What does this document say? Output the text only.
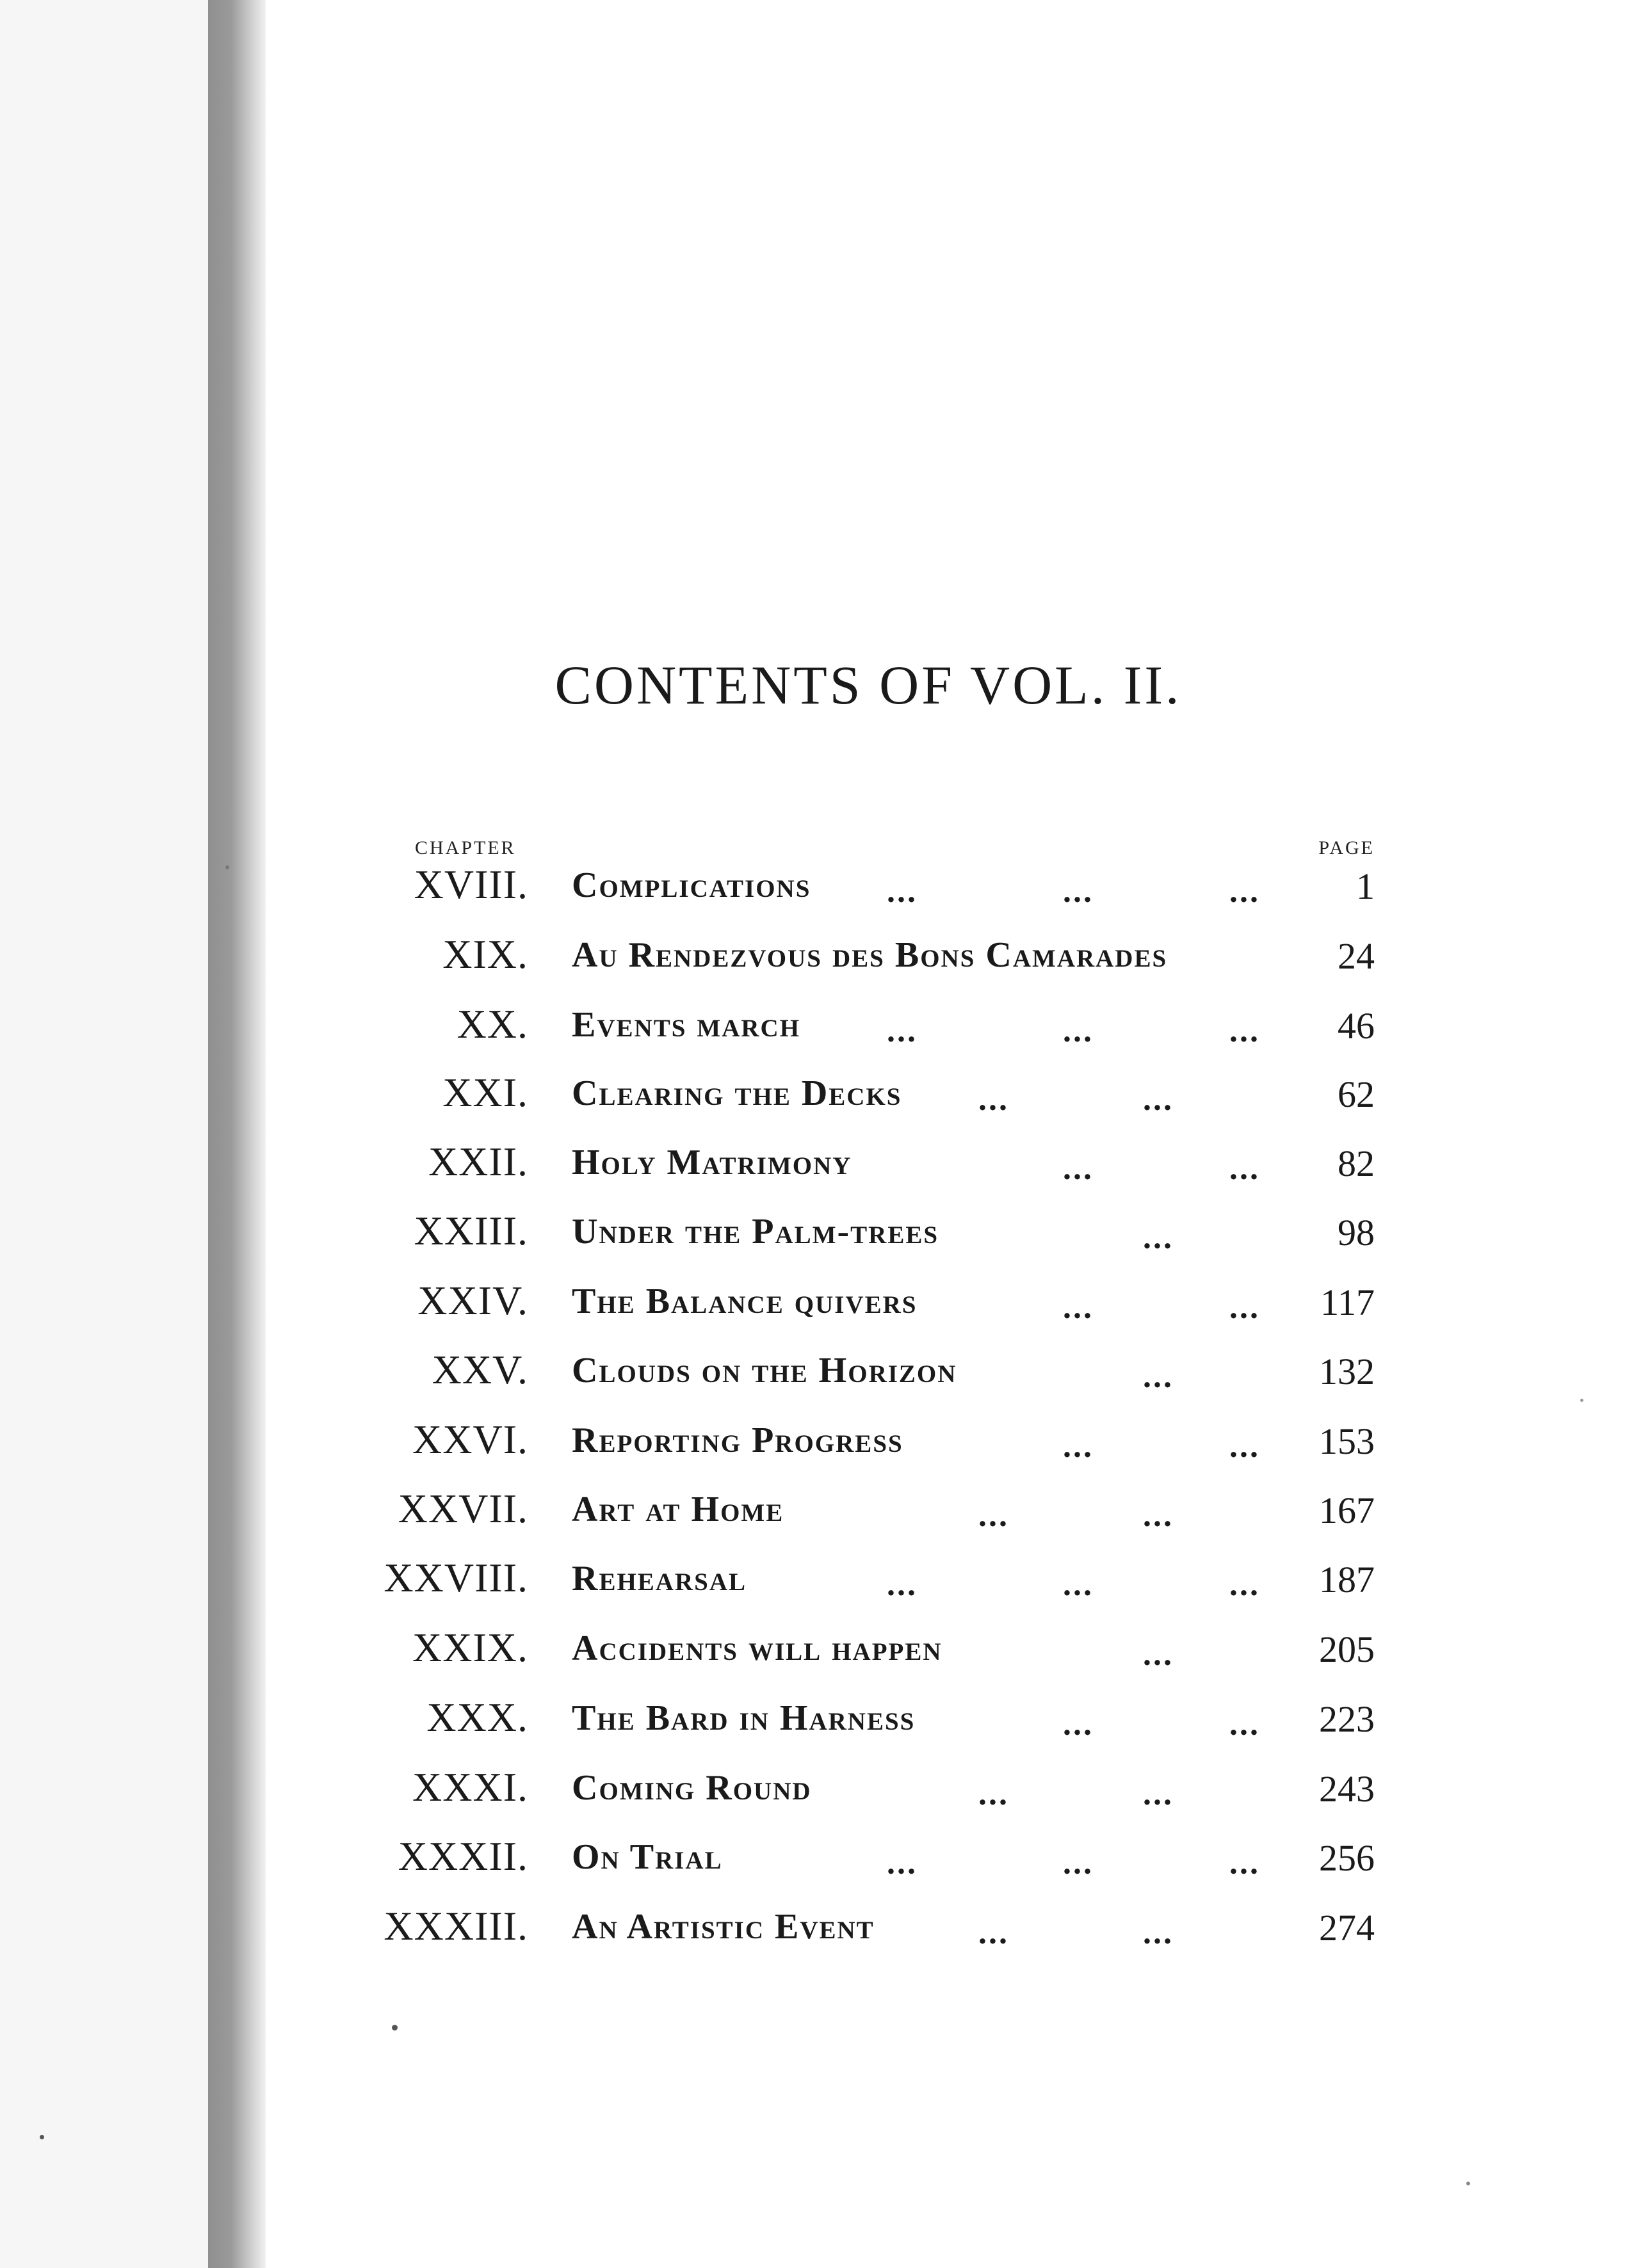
CONTENTS OF VOL. II.
CHAPTER	PAGE
XVIII. Complications ...	...	...	1
XIX. Au Rendezvous des Bons Camarades	24
XX. Events march	...	...	... 46
XXI. Clearing the Decks ...	...	62
XXII. Holy Matrimony	...	... 82
XXIII. Under the Palm-trees	...	98
XXIV. The Balance quivers	...	... 117
XXV. Clouds on the Horizon	...	132
XXVI. Reporting Progress	...	... 153
XXVII. Art at Home	...	...	167
XXVIII. Rehearsal	...	...	... 187
XXIX. Accidents will happen	...	205
XXX. The Bard in Harness	...	... 223
XXXI. Coming Round	...	...	243
XXXII. On Trial	...	...	... 256
XXXIII. An Artistic Event	...	...	274
